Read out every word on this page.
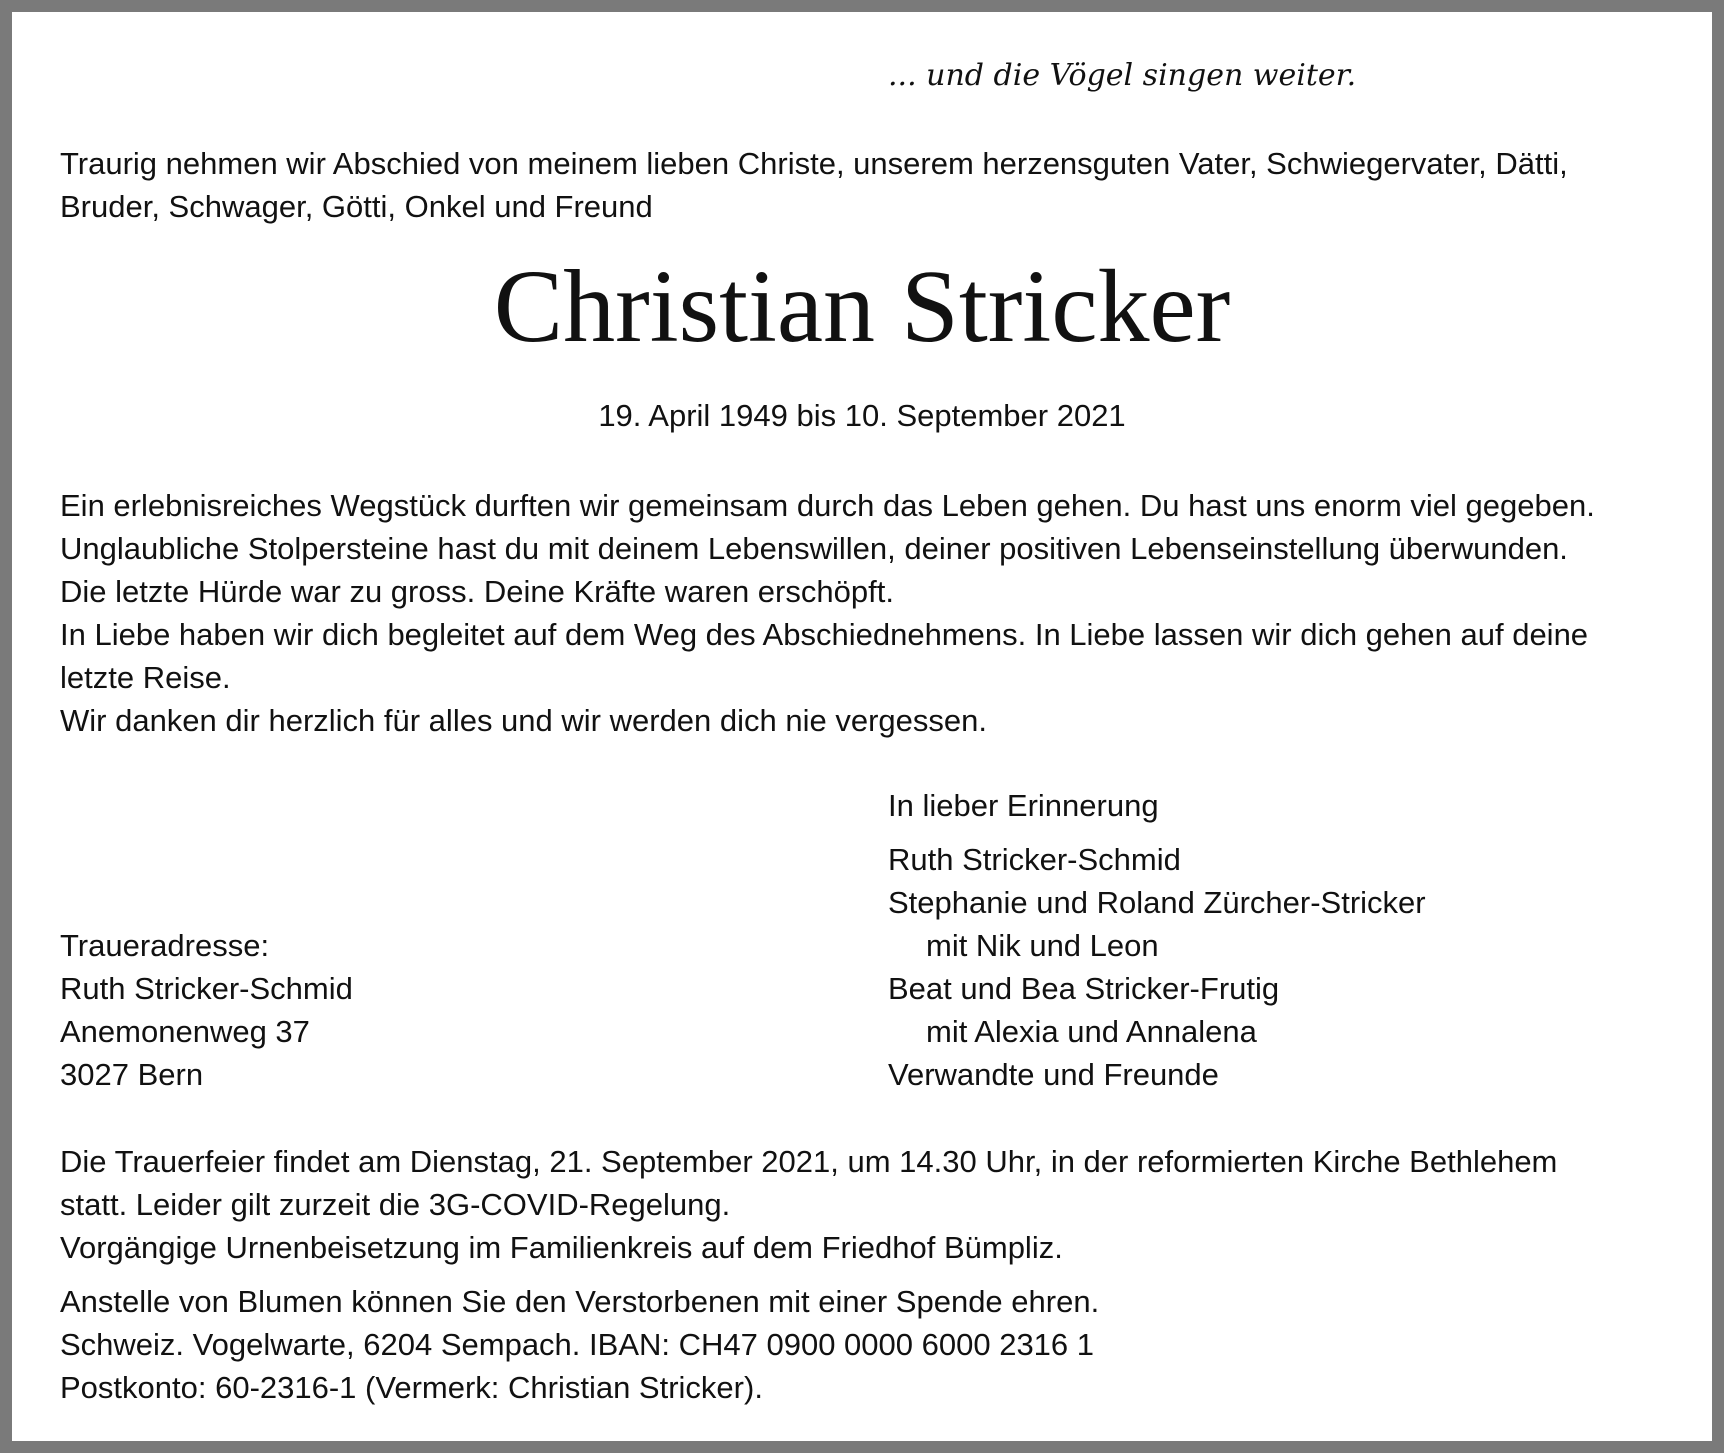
... und die Vögel singen weiter.
Traurig nehmen wir Abschied von meinem lieben Christe, unserem herzensguten Vater, Schwiegervater, Dätti,
Bruder, Schwager, Götti, Onkel und Freund
Christian Stricker
19. April 1949 bis 10. September 2021
Ein erlebnisreiches Wegstück durften wir gemeinsam durch das Leben gehen. Du hast uns enorm viel gegeben.
Unglaubliche Stolpersteine hast du mit deinem Lebenswillen, deiner positiven Lebenseinstellung überwunden.
Die letzte Hürde war zu gross. Deine Kräfte waren erschöpft.
In Liebe haben wir dich begleitet auf dem Weg des Abschiednehmens. In Liebe lassen wir dich gehen auf deine
letzte Reise.
Wir danken dir herzlich für alles und wir werden dich nie vergessen.
In lieber Erinnerung
Ruth Stricker-Schmid
Stephanie und Roland Zürcher-Stricker
mit Nik und Leon
Beat und Bea Stricker-Frutig
mit Alexia und Annalena
Verwandte und Freunde
Traueradresse:
Ruth Stricker-Schmid
Anemonenweg 37
3027 Bern
Die Trauerfeier findet am Dienstag, 21. September 2021, um 14.30 Uhr, in der reformierten Kirche Bethlehem
statt. Leider gilt zurzeit die 3G-COVID-Regelung.
Vorgängige Urnenbeisetzung im Familienkreis auf dem Friedhof Bümpliz.
Anstelle von Blumen können Sie den Verstorbenen mit einer Spende ehren.
Schweiz. Vogelwarte, 6204 Sempach. IBAN: CH47 0900 0000 6000 2316 1
Postkonto: 60-2316-1 (Vermerk: Christian Stricker).
